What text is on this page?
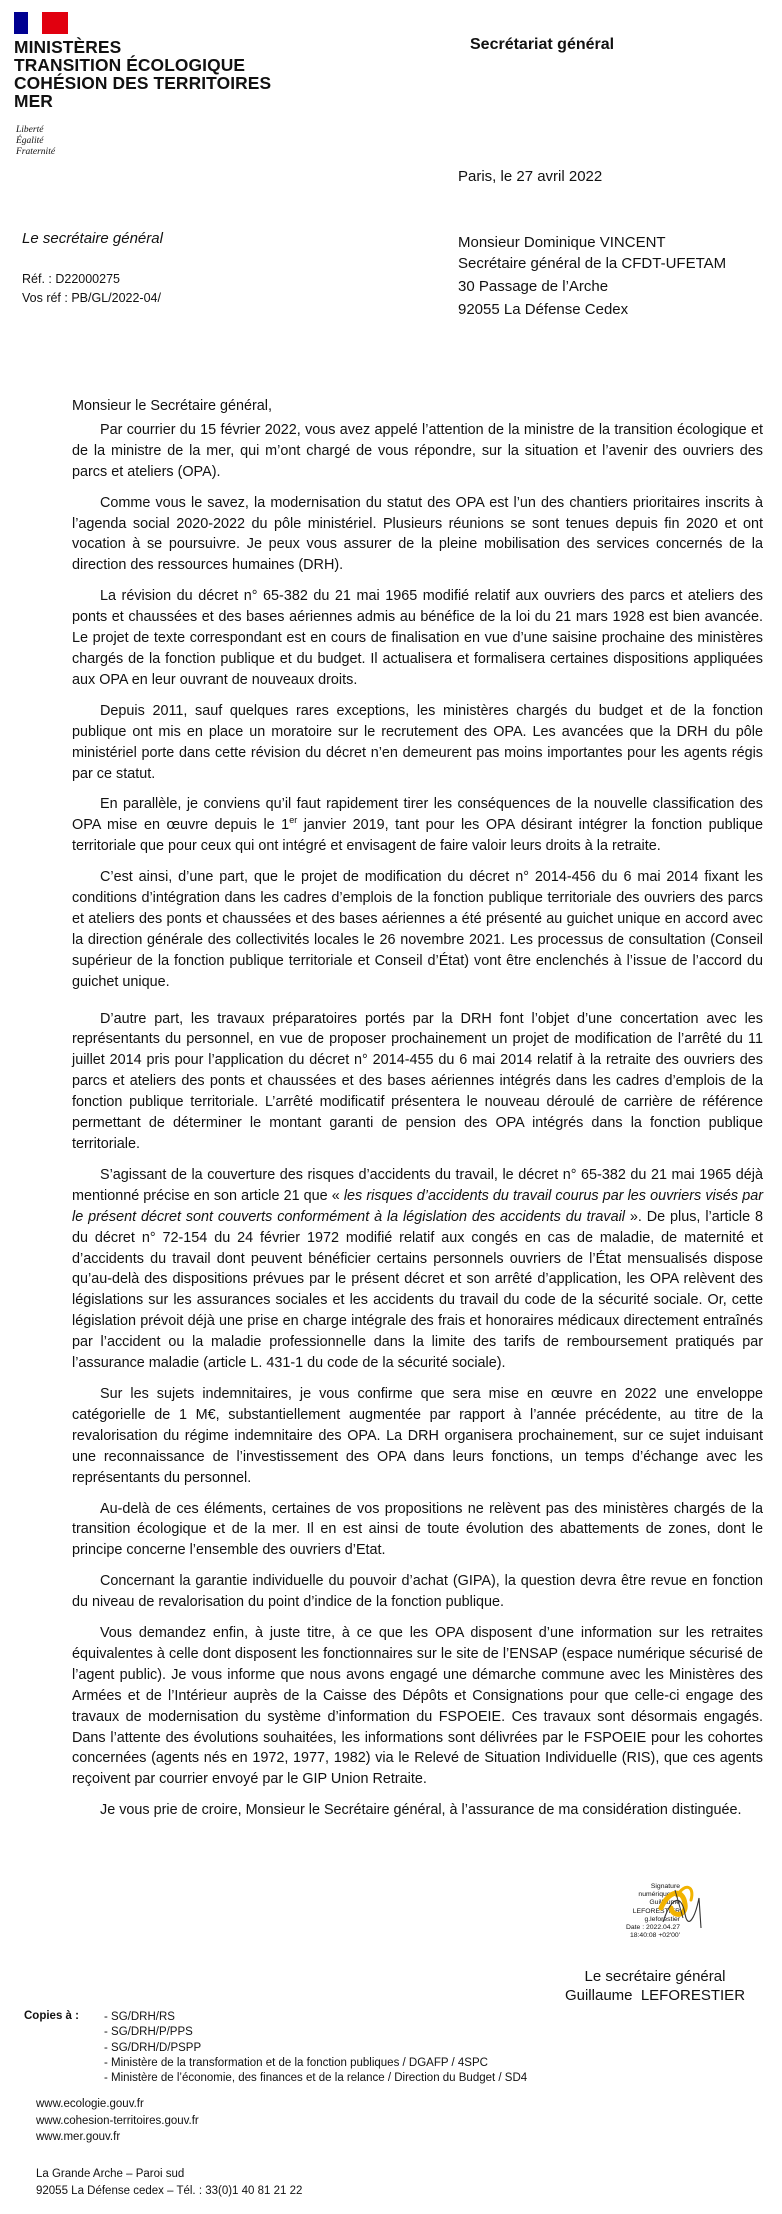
MINISTÈRES
TRANSITION ÉCOLOGIQUE
COHÉSION DES TERRITOIRES
MER
Liberté
Égalité
Fraternité
Secrétariat général
Paris, le 27 avril 2022
Le secrétaire général
Réf. : D22000275
Vos réf : PB/GL/2022-04/
Monsieur Dominique VINCENT
Secrétaire général de la CFDT-UFETAM
30 Passage de l’Arche
92055 La Défense Cedex

Monsieur le Secrétaire général,

Par courrier du 15 février 2022, vous avez appelé l’attention de la ministre de la transition écologique et de la ministre de la mer, qui m’ont chargé de vous répondre, sur la situation et l’avenir des ouvriers des parcs et ateliers (OPA).

Comme vous le savez, la modernisation du statut des OPA est l’un des chantiers prioritaires inscrits à l’agenda social 2020-2022 du pôle ministériel. Plusieurs réunions se sont tenues depuis fin 2020 et ont vocation à se poursuivre. Je peux vous assurer de la pleine mobilisation des services concernés de la direction des ressources humaines (DRH).

La révision du décret n° 65-382 du 21 mai 1965 modifié relatif aux ouvriers des parcs et ateliers des ponts et chaussées et des bases aériennes admis au bénéfice de la loi du 21 mars 1928 est bien avancée. Le projet de texte correspondant est en cours de finalisation en vue d’une saisine prochaine des ministères chargés de la fonction publique et du budget. Il actualisera et formalisera certaines dispositions appliquées aux OPA en leur ouvrant de nouveaux droits.

Depuis 2011, sauf quelques rares exceptions, les ministères chargés du budget et de la fonction publique ont mis en place un moratoire sur le recrutement des OPA. Les avancées que la DRH du pôle ministériel porte dans cette révision du décret n’en demeurent pas moins importantes pour les agents régis par ce statut.

En parallèle, je conviens qu’il faut rapidement tirer les conséquences de la nouvelle classification des OPA mise en œuvre depuis le 1er janvier 2019, tant pour les OPA désirant intégrer la fonction publique territoriale que pour ceux qui ont intégré et envisagent de faire valoir leurs droits à la retraite.

C’est ainsi, d’une part, que le projet de modification du décret n° 2014-456 du 6 mai 2014 fixant les conditions d’intégration dans les cadres d’emplois de la fonction publique territoriale des ouvriers des parcs et ateliers des ponts et chaussées et des bases aériennes a été présenté au guichet unique en accord avec la direction générale des collectivités locales le 26 novembre 2021. Les processus de consultation (Conseil supérieur de la fonction publique territoriale et Conseil d’État) vont être enclenchés à l’issue de l’accord du guichet unique.

D’autre part, les travaux préparatoires portés par la DRH font l’objet d’une concertation avec les représentants du personnel, en vue de proposer prochainement un projet de modification de l’arrêté du 11 juillet 2014 pris pour l’application du décret n° 2014-455 du 6 mai 2014 relatif à la retraite des ouvriers des parcs et ateliers des ponts et chaussées et des bases aériennes intégrés dans les cadres d’emplois de la fonction publique territoriale. L’arrêté modificatif présentera le nouveau déroulé de carrière de référence permettant de déterminer le montant garanti de pension des OPA intégrés dans la fonction publique territoriale.

S’agissant de la couverture des risques d’accidents du travail, le décret n° 65-382 du 21 mai 1965 déjà mentionné précise en son article 21 que « les risques d’accidents du travail courus par les ouvriers visés par le présent décret sont couverts conformément à la législation des accidents du travail ». De plus, l’article 8 du décret n° 72-154 du 24 février 1972 modifié relatif aux congés en cas de maladie, de maternité et d’accidents du travail dont peuvent bénéficier certains personnels ouvriers de l’État mensualisés dispose qu’au-delà des dispositions prévues par le présent décret et son arrêté d’application, les OPA relèvent des législations sur les assurances sociales et les accidents du travail du code de la sécurité sociale. Or, cette législation prévoit déjà une prise en charge intégrale des frais et honoraires médicaux directement entraînés par l’accident ou la maladie professionnelle dans la limite des tarifs de remboursement pratiqués par l’assurance maladie (article L. 431-1 du code de la sécurité sociale).

Sur les sujets indemnitaires, je vous confirme que sera mise en œuvre en 2022 une enveloppe catégorielle de 1 M€, substantiellement augmentée par rapport à l’année précédente, au titre de la revalorisation du régime indemnitaire des OPA. La DRH organisera prochainement, sur ce sujet induisant une reconnaissance de l’investissement des OPA dans leurs fonctions, un temps d’échange avec les représentants du personnel.

Au-delà de ces éléments, certaines de vos propositions ne relèvent pas des ministères chargés de la transition écologique et de la mer. Il en est ainsi de toute évolution des abattements de zones, dont le principe concerne l’ensemble des ouvriers d’Etat.

Concernant la garantie individuelle du pouvoir d’achat (GIPA), la question devra être revue en fonction du niveau de revalorisation du point d’indice de la fonction publique.

Vous demandez enfin, à juste titre, à ce que les OPA disposent d’une information sur les retraites équivalentes à celle dont disposent les fonctionnaires sur le site de l’ENSAP (espace numérique sécurisé de l’agent public). Je vous informe que nous avons engagé une démarche commune avec les Ministères des Armées et de l’Intérieur auprès de la Caisse des Dépôts et Consignations pour que celle-ci engage des travaux de modernisation du système d’information du FSPOEIE. Ces travaux sont désormais engagés. Dans l’attente des évolutions souhaitées, les informations sont délivrées par le FSPOEIE pour les cohortes concernées (agents nés en 1972, 1977, 1982) via le Relevé de Situation Individuelle (RIS), que ces agents reçoivent par courrier envoyé par le GIP Union Retraite.

Je vous prie de croire, Monsieur le Secrétaire général, à l’assurance de ma considération distinguée.

Signature
numérique de
Guillaume
LEFORESTIER
g.leforestier
Date : 2022.04.27
18:40:08 +02'00'
Le secrétaire général
Guillaume  LEFORESTIER
Copies à : - SG/DRH/RS
- SG/DRH/P/PPS
- SG/DRH/D/PSPP
- Ministère de la transformation et de la fonction publiques / DGAFP / 4SPC
- Ministère de l’économie, des finances et de la relance / Direction du Budget / SD4
www.ecologie.gouv.fr
www.cohesion-territoires.gouv.fr
www.mer.gouv.fr
La Grande Arche – Paroi sud
92055 La Défense cedex – Tél. : 33(0)1 40 81 21 22
